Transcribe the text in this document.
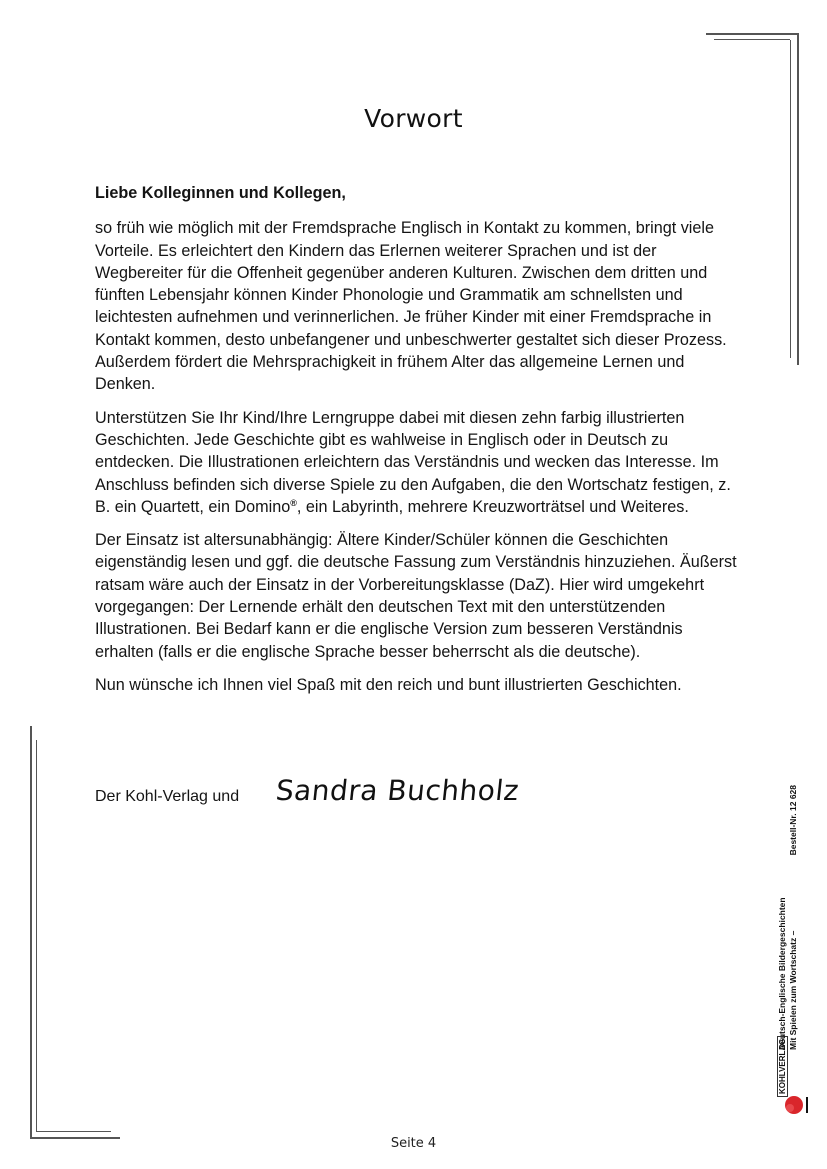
Vorwort

Liebe Kolleginnen und Kollegen,

so früh wie möglich mit der Fremdsprache Englisch in Kontakt zu kommen, bringt viele Vorteile. Es erleichtert den Kindern das Erlernen weiterer Sprachen und ist der Wegbereiter für die Offenheit gegenüber anderen Kulturen. Zwischen dem dritten und fünften Lebensjahr können Kinder Phonologie und Grammatik am schnellsten und leichtesten aufnehmen und verinnerlichen. Je früher Kinder mit einer Fremdsprache in Kontakt kommen, desto unbefangener und unbeschwerter gestaltet sich dieser Prozess. Außerdem fördert die Mehrsprachigkeit in frühem Alter das allgemeine Lernen und Denken.

Unterstützen Sie Ihr Kind/Ihre Lerngruppe dabei mit diesen zehn farbig illustrierten Geschichten. Jede Geschichte gibt es wahlweise in Englisch oder in Deutsch zu entdecken. Die Illustrationen erleichtern das Verständnis und wecken das Interesse. Im Anschluss befinden sich diverse Spiele zu den Aufgaben, die den Wortschatz festigen, z. B. ein Quartett, ein Domino®, ein Labyrinth, mehrere Kreuzworträtsel und Weiteres.

Der Einsatz ist altersunabhängig: Ältere Kinder/Schüler können die Geschichten eigenständig lesen und ggf. die deutsche Fassung zum Verständnis hinzuziehen. Äußerst ratsam wäre auch der Einsatz in der Vorbereitungsklasse (DaZ). Hier wird umgekehrt vorgegangen: Der Lernende erhält den deutschen Text mit den unterstützenden Illustrationen. Bei Bedarf kann er die englische Version zum besseren Verständnis erhalten (falls er die englische Sprache besser beherrscht als die deutsche).

Nun wünsche ich Ihnen viel Spaß mit den reich und bunt illustrierten Geschichten.

Der Kohl-Verlag und Sandra Buchholz
KOHLVERLAG
Deutsch-Englische Bildergeschichten Mit Spielen zum Wortschatz –
Bestell-Nr. 12 628
Seite 4
